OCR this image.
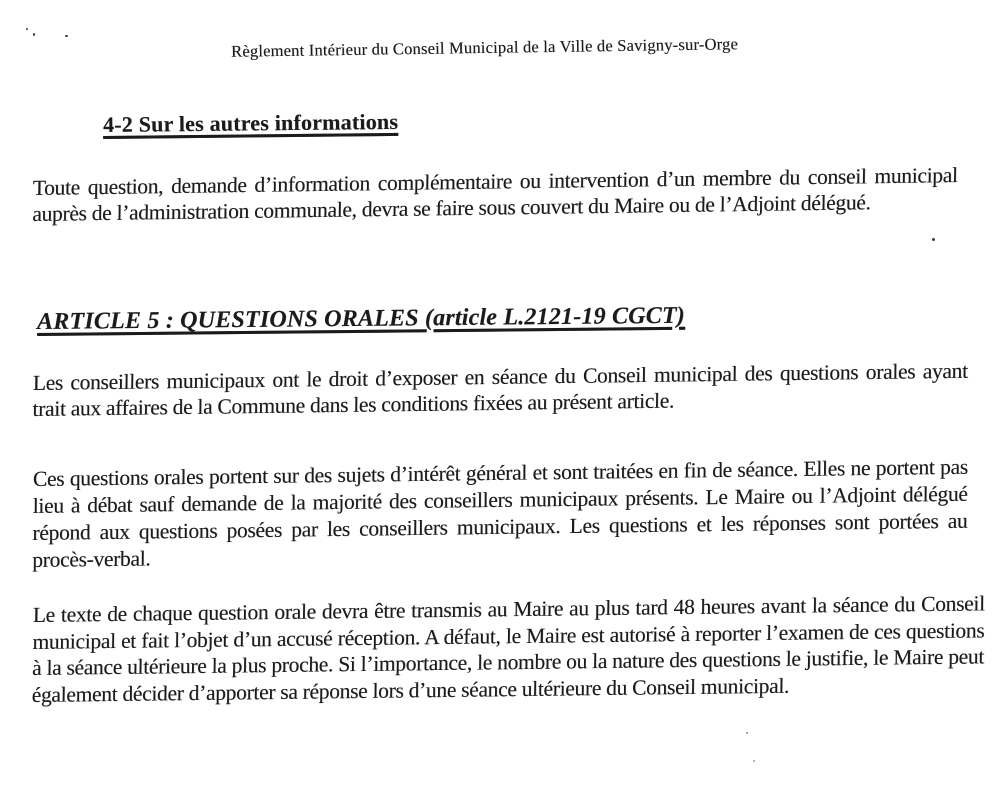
Règlement Intérieur du Conseil Municipal de la Ville de Savigny-sur-Orge
4-2 Sur les autres informations

Toute question, demande d’information complémentaire ou intervention d’un membre du conseil municipal auprès de l’administration communale, devra se faire sous couvert du Maire ou de l’Adjoint délégué.

ARTICLE 5 : QUESTIONS ORALES (article L.2121-19 CGCT)

Les conseillers municipaux ont le droit d’exposer en séance du Conseil municipal des questions orales ayant trait aux affaires de la Commune dans les conditions fixées au présent article.

Ces questions orales portent sur des sujets d’intérêt général et sont traitées en fin de séance. Elles ne portent pas lieu à débat sauf demande de la majorité des conseillers municipaux présents. Le Maire ou l’Adjoint délégué répond aux questions posées par les conseillers municipaux. Les questions et les réponses sont portées au procès-verbal.

Le texte de chaque question orale devra être transmis au Maire au plus tard 48 heures avant la séance du Conseil municipal et fait l’objet d’un accusé réception. A défaut, le Maire est autorisé à reporter l’examen de ces questions à la séance ultérieure la plus proche. Si l’importance, le nombre ou la nature des questions le justifie, le Maire peut également décider d’apporter sa réponse lors d’une séance ultérieure du Conseil municipal.
